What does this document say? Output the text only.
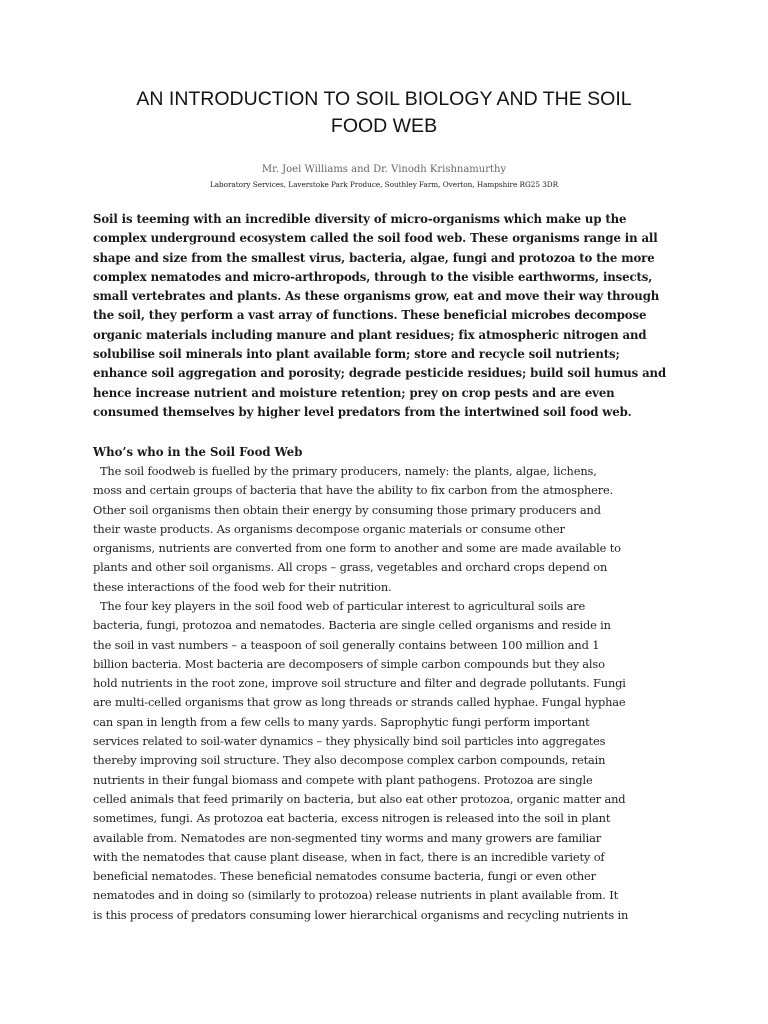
AN INTRODUCTION TO SOIL BIOLOGY AND THE SOIL
FOOD WEB

Mr. Joel Williams and Dr. Vinodh Krishnamurthy

Laboratory Services, Laverstoke Park Produce, Southley Farm, Overton, Hampshire RG25 3DR

Soil is teeming with an incredible diversity of micro-organisms which make up the
complex underground ecosystem called the soil food web. These organisms range in all
shape and size from the smallest virus, bacteria, algae, fungi and protozoa to the more
complex nematodes and micro-arthropods, through to the visible earthworms, insects,
small vertebrates and plants. As these organisms grow, eat and move their way through
the soil, they perform a vast array of functions. These beneficial microbes decompose
organic materials including manure and plant residues; fix atmospheric nitrogen and
solubilise soil minerals into plant available form; store and recycle soil nutrients;
enhance soil aggregation and porosity; degrade pesticide residues; build soil humus and
hence increase nutrient and moisture retention; prey on crop pests and are even
consumed themselves by higher level predators from the intertwined soil food web.
Who’s who in the Soil Food Web
The soil foodweb is fuelled by the primary producers, namely: the plants, algae, lichens,
moss and certain groups of bacteria that have the ability to fix carbon from the atmosphere.
Other soil organisms then obtain their energy by consuming those primary producers and
their waste products. As organisms decompose organic materials or consume other
organisms, nutrients are converted from one form to another and some are made available to
plants and other soil organisms. All crops – grass, vegetables and orchard crops depend on
these interactions of the food web for their nutrition.
The four key players in the soil food web of particular interest to agricultural soils are
bacteria, fungi, protozoa and nematodes. Bacteria are single celled organisms and reside in
the soil in vast numbers – a teaspoon of soil generally contains between 100 million and 1
billion bacteria. Most bacteria are decomposers of simple carbon compounds but they also
hold nutrients in the root zone, improve soil structure and filter and degrade pollutants. Fungi
are multi-celled organisms that grow as long threads or strands called hyphae. Fungal hyphae
can span in length from a few cells to many yards. Saprophytic fungi perform important
services related to soil-water dynamics – they physically bind soil particles into aggregates
thereby improving soil structure. They also decompose complex carbon compounds, retain
nutrients in their fungal biomass and compete with plant pathogens. Protozoa are single
celled animals that feed primarily on bacteria, but also eat other protozoa, organic matter and
sometimes, fungi. As protozoa eat bacteria, excess nitrogen is released into the soil in plant
available from. Nematodes are non-segmented tiny worms and many growers are familiar
with the nematodes that cause plant disease, when in fact, there is an incredible variety of
beneficial nematodes. These beneficial nematodes consume bacteria, fungi or even other
nematodes and in doing so (similarly to protozoa) release nutrients in plant available from. It
is this process of predators consuming lower hierarchical organisms and recycling nutrients in
